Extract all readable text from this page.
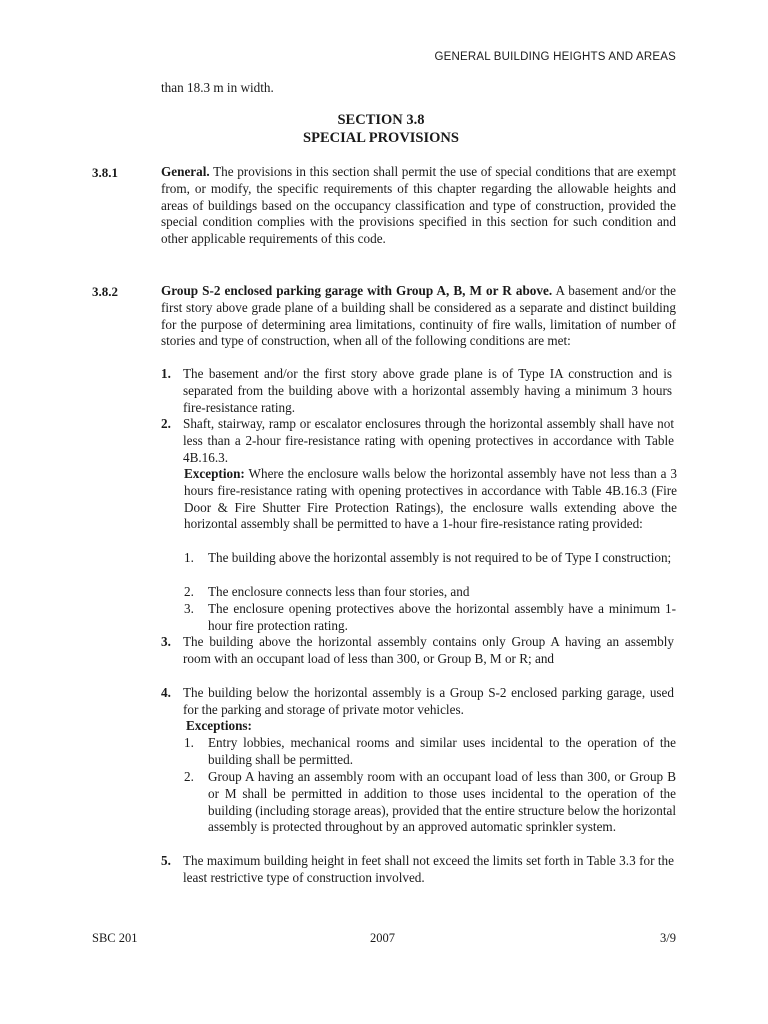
GENERAL BUILDING HEIGHTS AND AREAS
than 18.3 m in width.
SECTION 3.8
SPECIAL PROVISIONS
3.8.1	General. The provisions in this section shall permit the use of special conditions that are exempt from, or modify, the specific requirements of this chapter regarding the allowable heights and areas of buildings based on the occupancy classification and type of construction, provided the special condition complies with the provisions specified in this section for such condition and other applicable requirements of this code.
3.8.2	Group S-2 enclosed parking garage with Group A, B, M or R above. A basement and/or the first story above grade plane of a building shall be considered as a separate and distinct building for the purpose of determining area limitations, continuity of fire walls, limitation of number of stories and type of construction, when all of the following conditions are met:
1. The basement and/or the first story above grade plane is of Type IA construction and is separated from the building above with a horizontal assembly having a minimum 3 hours fire-resistance rating.
2. Shaft, stairway, ramp or escalator enclosures through the horizontal assembly shall have not less than a 2-hour fire-resistance rating with opening protectives in accordance with Table 4B.16.3.
Exception: Where the enclosure walls below the horizontal assembly have not less than a 3 hours fire-resistance rating with opening protectives in accordance with Table 4B.16.3 (Fire Door & Fire Shutter Fire Protection Ratings), the enclosure walls extending above the horizontal assembly shall be permitted to have a 1-hour fire-resistance rating provided:
1. The building above the horizontal assembly is not required to be of Type I construction;
2. The enclosure connects less than four stories, and
3. The enclosure opening protectives above the horizontal assembly have a minimum 1-hour fire protection rating.
3. The building above the horizontal assembly contains only Group A having an assembly room with an occupant load of less than 300, or Group B, M or R; and
4. The building below the horizontal assembly is a Group S-2 enclosed parking garage, used for the parking and storage of private motor vehicles.
Exceptions:
1. Entry lobbies, mechanical rooms and similar uses incidental to the operation of the building shall be permitted.
2. Group A having an assembly room with an occupant load of less than 300, or Group B or M shall be permitted in addition to those uses incidental to the operation of the building (including storage areas), provided that the entire structure below the horizontal assembly is protected throughout by an approved automatic sprinkler system.
5. The maximum building height in feet shall not exceed the limits set forth in Table 3.3 for the least restrictive type of construction involved.
SBC 201	2007	3/9
